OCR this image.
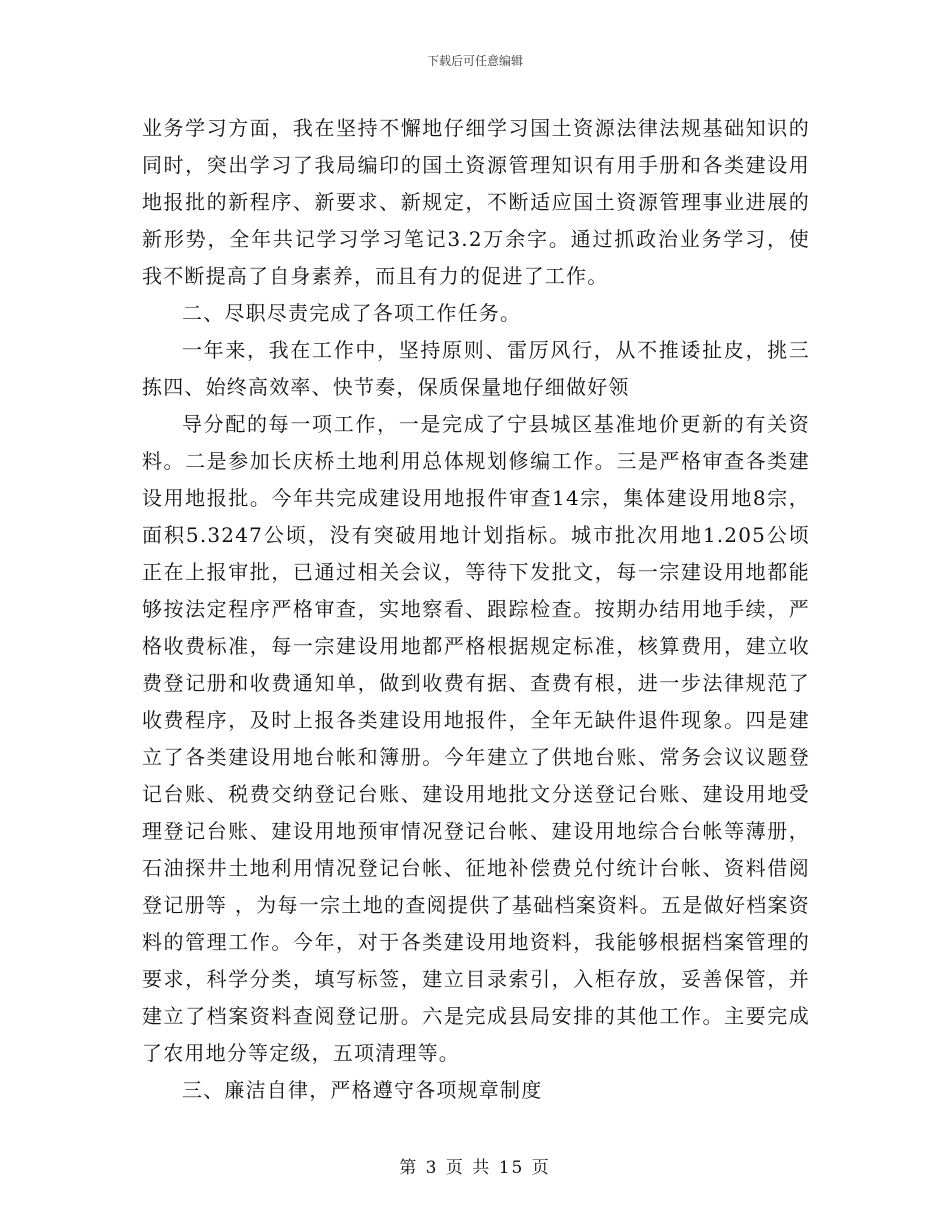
下载后可任意编辑

业务学习方面，我在坚持不懈地仔细学习国土资源法律法规基础知识的同时，突出学习了我局编印的国土资源管理知识有用手册和各类建设用地报批的新程序、新要求、新规定，不断适应国土资源管理事业进展的新形势，全年共记学习学习笔记3.2万余字。通过抓政治业务学习，使我不断提高了自身素养，而且有力的促进了工作。

二、尽职尽责完成了各项工作任务。

一年来，我在工作中，坚持原则、雷厉风行，从不推诿扯皮，挑三拣四、始终高效率、快节奏，保质保量地仔细做好领

导分配的每一项工作，一是完成了宁县城区基准地价更新的有关资料。二是参加长庆桥土地利用总体规划修编工作。三是严格审查各类建设用地报批。今年共完成建设用地报件审查14宗，集体建设用地8宗，面积5.3247公顷，没有突破用地计划指标。城市批次用地1.205公顷正在上报审批，已通过相关会议，等待下发批文，每一宗建设用地都能够按法定程序严格审查，实地察看、跟踪检查。按期办结用地手续，严格收费标准，每一宗建设用地都严格根据规定标准，核算费用，建立收费登记册和收费通知单，做到收费有据、查费有根，进一步法律规范了收费程序，及时上报各类建设用地报件，全年无缺件退件现象。四是建立了各类建设用地台帐和簿册。今年建立了供地台账、常务会议议题登记台账、税费交纳登记台账、建设用地批文分送登记台账、建设用地受理登记台账、建设用地预审情况登记台帐、建设用地综合台帐等薄册，石油探井土地利用情况登记台帐、征地补偿费兑付统计台帐、资料借阅登记册等 ，为每一宗土地的查阅提供了基础档案资料。五是做好档案资料的管理工作。今年，对于各类建设用地资料，我能够根据档案管理的要求，科学分类，填写标签，建立目录索引，入柜存放，妥善保管，并建立了档案资料查阅登记册。六是完成县局安排的其他工作。主要完成了农用地分等定级，五项清理等。

三、廉洁自律，严格遵守各项规章制度

第 3 页 共 15 页
